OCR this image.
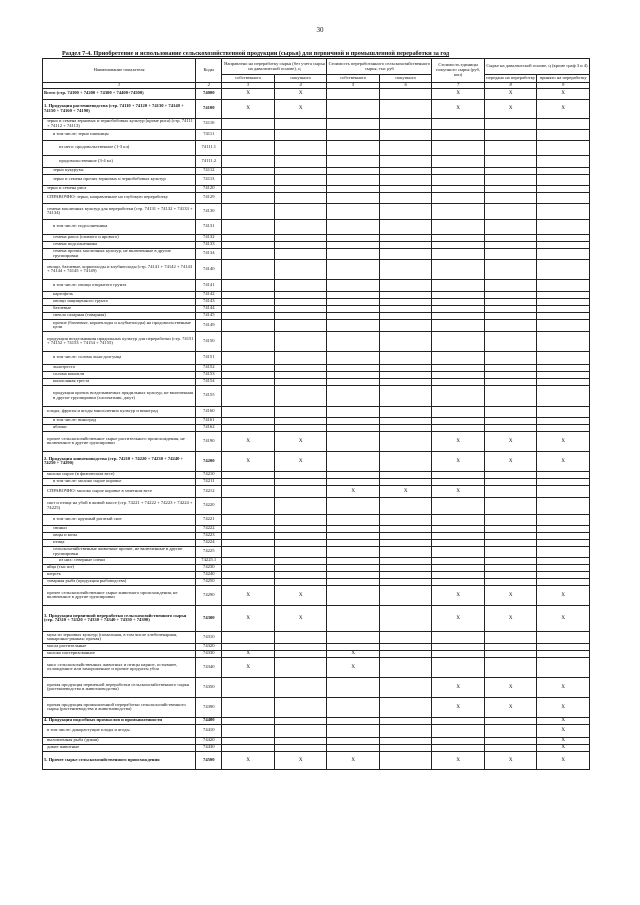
30
Раздел 7-4. Приобретение и использование сельскохозяйственной продукции (сырья) для первичной и промышленной переработки за год
Наименование показателя	Коды	Направлено на переработку сырья (без учета сырья на давальческой основе), ц		Стоимость переработанного сельскохозяйственного сырья, тыс руб		Стоимость единицы покупного сырья (руб, коп)	Сырье на давальческой основе, ц (кроме граф 3 и 4)	
		собственного	покупного	собственного	покупного		передано на переработку	принято на переработку
1	2	3	4	5	6	7	8	9
Всего (стр. 74100 + 74200 + 74300 + 74400+74500)	74000	X	X			X	X	X
1. Продукция растениеводства (стр. 74110 + 74120 + 74130 + 74140 + 74150 + 74160 + 74190)	74100	X	X			X	X	X
зерно и семена зерновых и зернобобовых культур (кроме риса) (стр. 74111 + 74112 + 74113)	74110							
в том числе: зерно пшеницы	74111							
из него: продовольственное (1-3 кл)	74111.1							
продовольственное (3-4 кл)	74111.2							
зерно кукурузы	74112							
зерно и семена прочих зерновых и зернобобовых культур	74113							
зерно и семена риса	74120							
СПРАВОЧНО: зерно, направленное на глубокую переработку	74129							
семена масличных культур для переработки (стр. 74131 + 74132 + 74133 + 74134)	74130							
в том числе: подсолнечника	74131							
семена рапса (озимого и ярового)	74132							
семена подсолнечника	74133							
семена прочих масличных культур, не включенные в другие группировки	74134							
овощи, бахчевые, корнеплоды и клубнеплоды (стр. 74141 + 74142 + 74143 + 74144 + 74145 + 74149)	74140							
в том числе: овощи открытого грунта	74141							
картофель	74142							
овощи защищенного грунта	74143							
бахчевые	74144							
свекла сахарная (товарная)	74145							
прочие (бахчевые, корнеплоды и клубнеплоды) на продовольственные цели	74149							
продукция возделывания прядильных культур для переработки (стр. 74151 + 74152 + 74153 + 74154 + 74155)	74150							
в том числе: солома льна-долгунца	74151							
льнотреста	74152							
солома конопли	74153							
конопляная треста	74154							
продукция прочих возделываемых прядильных культур, не включенная в другие группировки (хлопчатник, джут)	74155							
плоды, фрукты и ягоды многолетних культур и виноград	74160							
в том числе: виноград	74161							
яблоки	74162							
прочее сельскохозяйственное сырье растительного происхождения, не включенное в другие группировки	74190	X	X			X	X	X
2. Продукция животноводства (стр. 74210 + 74220 + 74230 + 74240 + 74250 + 74290)	74200	X	X			X	X	X
молоко сырое (в физическом весе)	74210							
в том числе: молоко сырое коровье	74211							
СПРАВОЧНО: молоко сырое коровье в зачетном весе	74212			X	X	X		
скот и птица на убой в живой массе (стр. 74221 + 74222 + 74223 + 74224 + 74225)	74220							
в том числе: крупный рогатый скот	74221							
свиньи	74222							
овцы и козы	74223							
птица	74224							
сельскохозяйственные животные прочие, не включенные в другие группировки	74225							
из них: северные олени	74225.1							
яйца (тыс шт)	74230							
шерсть	74240							
товарная рыба (продукция рыбоводства)	74250							
прочее сельскохозяйственное сырье животного происхождения, не включенное в другие группировки	74290	X	X			X	X	X
3. Продукция первичной переработки сельскохозяйственного сырья (стр. 74310 + 74320 + 74330 + 74340 + 74350 + 74390)	74300	X	X			X	X	X
мука из зерновых культур (помольная, в том числе хлебопекарная, макаронно-ржаная; прочая)	74310							
масла растительные	74320							
молоко пастеризованное	74330	X		X				
мясо сельскохозяйственных животных и птицы парное, остывшее, охлажденное или замороженное и прочие продукты убоя	74340	X		X				
прочая продукция первичной переработки сельскохозяйственного сырья (растениеводства и животноводства)	74350					X	X	X
прочая продукция промышленной переработки сельскохозяйственного сырья (растениеводства и животноводства)	74390					X	X	X
4. Продукция подсобных промыслов и промышленности	74400							X
в том числе: дикорастущие плоды и ягоды	74410							X
выловленная рыба (дикая)	74420							X
дикие животные	74430							X
5. Прочее сырье сельскохозяйственного происхождения	74500	X	X	X		X	X	X
